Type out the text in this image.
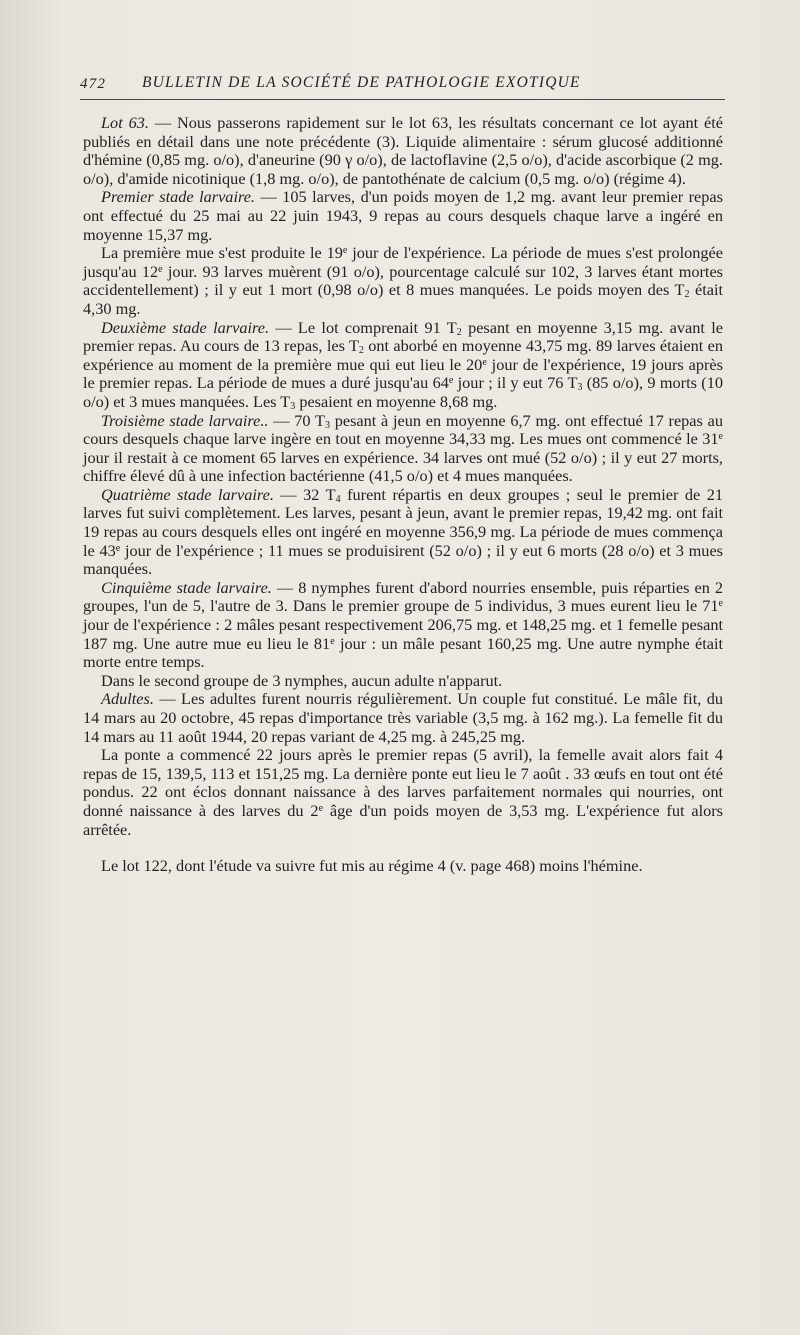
472 BULLETIN DE LA SOCIÉTÉ DE PATHOLOGIE EXOTIQUE

Lot 63. — Nous passerons rapidement sur le lot 63, les résultats concernant ce lot ayant été publiés en détail dans une note précédente (3). Liquide alimentaire : sérum glucosé additionné d'hémine (0,85 mg. o/o), d'aneurine (90 γ o/o), de lactoflavine (2,5 o/o), d'acide ascorbique (2 mg. o/o), d'amide nicotinique (1,8 mg. o/o), de pantothénate de calcium (0,5 mg. o/o) (régime 4).

Premier stade larvaire. — 105 larves, d'un poids moyen de 1,2 mg. avant leur premier repas ont effectué du 25 mai au 22 juin 1943, 9 repas au cours desquels chaque larve a ingéré en moyenne 15,37 mg.

La première mue s'est produite le 19e jour de l'expérience. La période de mues s'est prolongée jusqu'au 12e jour. 93 larves muèrent (91 o/o), pourcentage calculé sur 102, 3 larves étant mortes accidentellement) ; il y eut 1 mort (0,98 o/o) et 8 mues manquées. Le poids moyen des $T_2$ était 4,30 mg.

Deuxième stade larvaire. — Le lot comprenait 91 $T_2$ pesant en moyenne 3,15 mg. avant le premier repas. Au cours de 13 repas, les $T_2$ ont aborbé en moyenne 43,75 mg. 89 larves étaient en expérience au moment de la première mue qui eut lieu le 20e jour de l'expérience, 19 jours après le premier repas. La période de mues a duré jusqu'au 64e jour ; il y eut 76 $T_3$ (85 o/o), 9 morts (10 o/o) et 3 mues manquées. Les $T_3$ pesaient en moyenne 8,68 mg.

Troisième stade larvaire.. — 70 $T_3$ pesant à jeun en moyenne 6,7 mg. ont effectué 17 repas au cours desquels chaque larve ingère en tout en moyenne 34,33 mg. Les mues ont commencé le 31e jour il restait à ce moment 65 larves en expérience. 34 larves ont mué (52 o/o) ; il y eut 27 morts, chiffre élevé dû à une infection bactérienne (41,5 o/o) et 4 mues manquées.

Quatrième stade larvaire. — 32 $T_4$ furent répartis en deux groupes ; seul le premier de 21 larves fut suivi complètement. Les larves, pesant à jeun, avant le premier repas, 19,42 mg. ont fait 19 repas au cours desquels elles ont ingéré en moyenne 356,9 mg. La période de mues commença le 43e jour de l'expérience ; 11 mues se produisirent (52 o/o) ; il y eut 6 morts (28 o/o) et 3 mues manquées.

Cinquième stade larvaire. — 8 nymphes furent d'abord nourries ensemble, puis réparties en 2 groupes, l'un de 5, l'autre de 3. Dans le premier groupe de 5 individus, 3 mues eurent lieu le 71e jour de l'expérience : 2 mâles pesant respectivement 206,75 mg. et 148,25 mg. et 1 femelle pesant 187 mg. Une autre mue eu lieu le 81e jour : un mâle pesant 160,25 mg. Une autre nymphe était morte entre temps.

Dans le second groupe de 3 nymphes, aucun adulte n'apparut.

Adultes. — Les adultes furent nourris régulièrement. Un couple fut constitué. Le mâle fit, du 14 mars au 20 octobre, 45 repas d'importance très variable (3,5 mg. à 162 mg.). La femelle fit du 14 mars au 11 août 1944, 20 repas variant de 4,25 mg. à 245,25 mg.

La ponte a commencé 22 jours après le premier repas (5 avril), la femelle avait alors fait 4 repas de 15, 139,5, 113 et 151,25 mg. La dernière ponte eut lieu le 7 août . 33 œufs en tout ont été pondus. 22 ont éclos donnant naissance à des larves parfaitement normales qui nourries, ont donné naissance à des larves du 2e âge d'un poids moyen de 3,53 mg. L'expérience fut alors arrêtée.

Le lot 122, dont l'étude va suivre fut mis au régime 4 (v. page 468) moins l'hémine.
